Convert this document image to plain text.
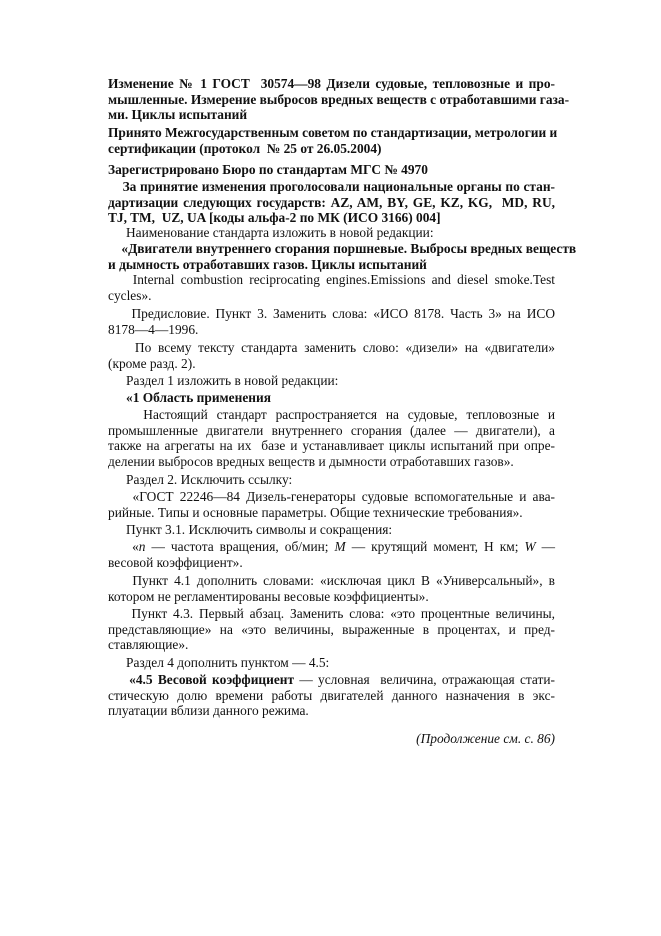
Изменение № 1 ГОСТ  30574—98 Дизели судовые, тепловозные и про-
мышленные. Измерение выбросов вредных веществ с отработавшими газа-
ми. Циклы испытаний

Принято Межгосударственным советом по стандартизации, метрологии и
сертификации (протокол  № 25 от 26.05.2004)

Зарегистрировано Бюро по стандартам МГС № 4970

За принятие изменения проголосовали национальные органы по стан-
дартизации следующих государств: AZ, AM, BY, GE, KZ, KG,  MD, RU,
TJ, TM,  UZ, UA [коды альфа-2 по МК (ИСО 3166) 004]

Наименование стандарта изложить в новой редакции:

«Двигатели внутреннего сгорания поршневые. Выбросы вредных веществ
и дымность отработавших газов. Циклы испытаний

Internal combustion reciprocating engines.Emissions and diesel smoke.Test
cycles».

Предисловие. Пункт 3. Заменить слова: «ИСО 8178. Часть 3» на ИСО
8178—4—1996.

По всему тексту стандарта заменить слово: «дизели» на «двигатели»
(кроме разд. 2).

Раздел 1 изложить в новой редакции:

«1 Область применения

Настоящий стандарт распространяется на судовые, тепловозные и
промышленные двигатели внутреннего сгорания (далее — двигатели), а
также на агрегаты на их  базе и устанавливает циклы испытаний при опре-
делении выбросов вредных веществ и дымности отработавших газов».

Раздел 2. Исключить ссылку:

«ГОСТ 22246—84 Дизель-генераторы судовые вспомогательные и ава-
рийные. Типы и основные параметры. Общие технические требования».

Пункт 3.1. Исключить символы и сокращения:

«n — частота вращения, об/мин; M — крутящий момент, Н км; W —
весовой коэффициент».

Пункт 4.1 дополнить словами: «исключая цикл В «Универсальный», в
котором не регламентированы весовые коэффициенты».

Пункт 4.3. Первый абзац. Заменить слова: «это процентные величины,
представляющие» на «это величины, выраженные в процентах, и пред-
ставляющие».

Раздел 4 дополнить пунктом — 4.5:

«4.5 Весовой коэффициент — условная  величина, отражающая стати-
стическую долю времени работы двигателей данного назначения в экс-
плуатации вблизи данного режима.

(Продолжение см. с. 86)
